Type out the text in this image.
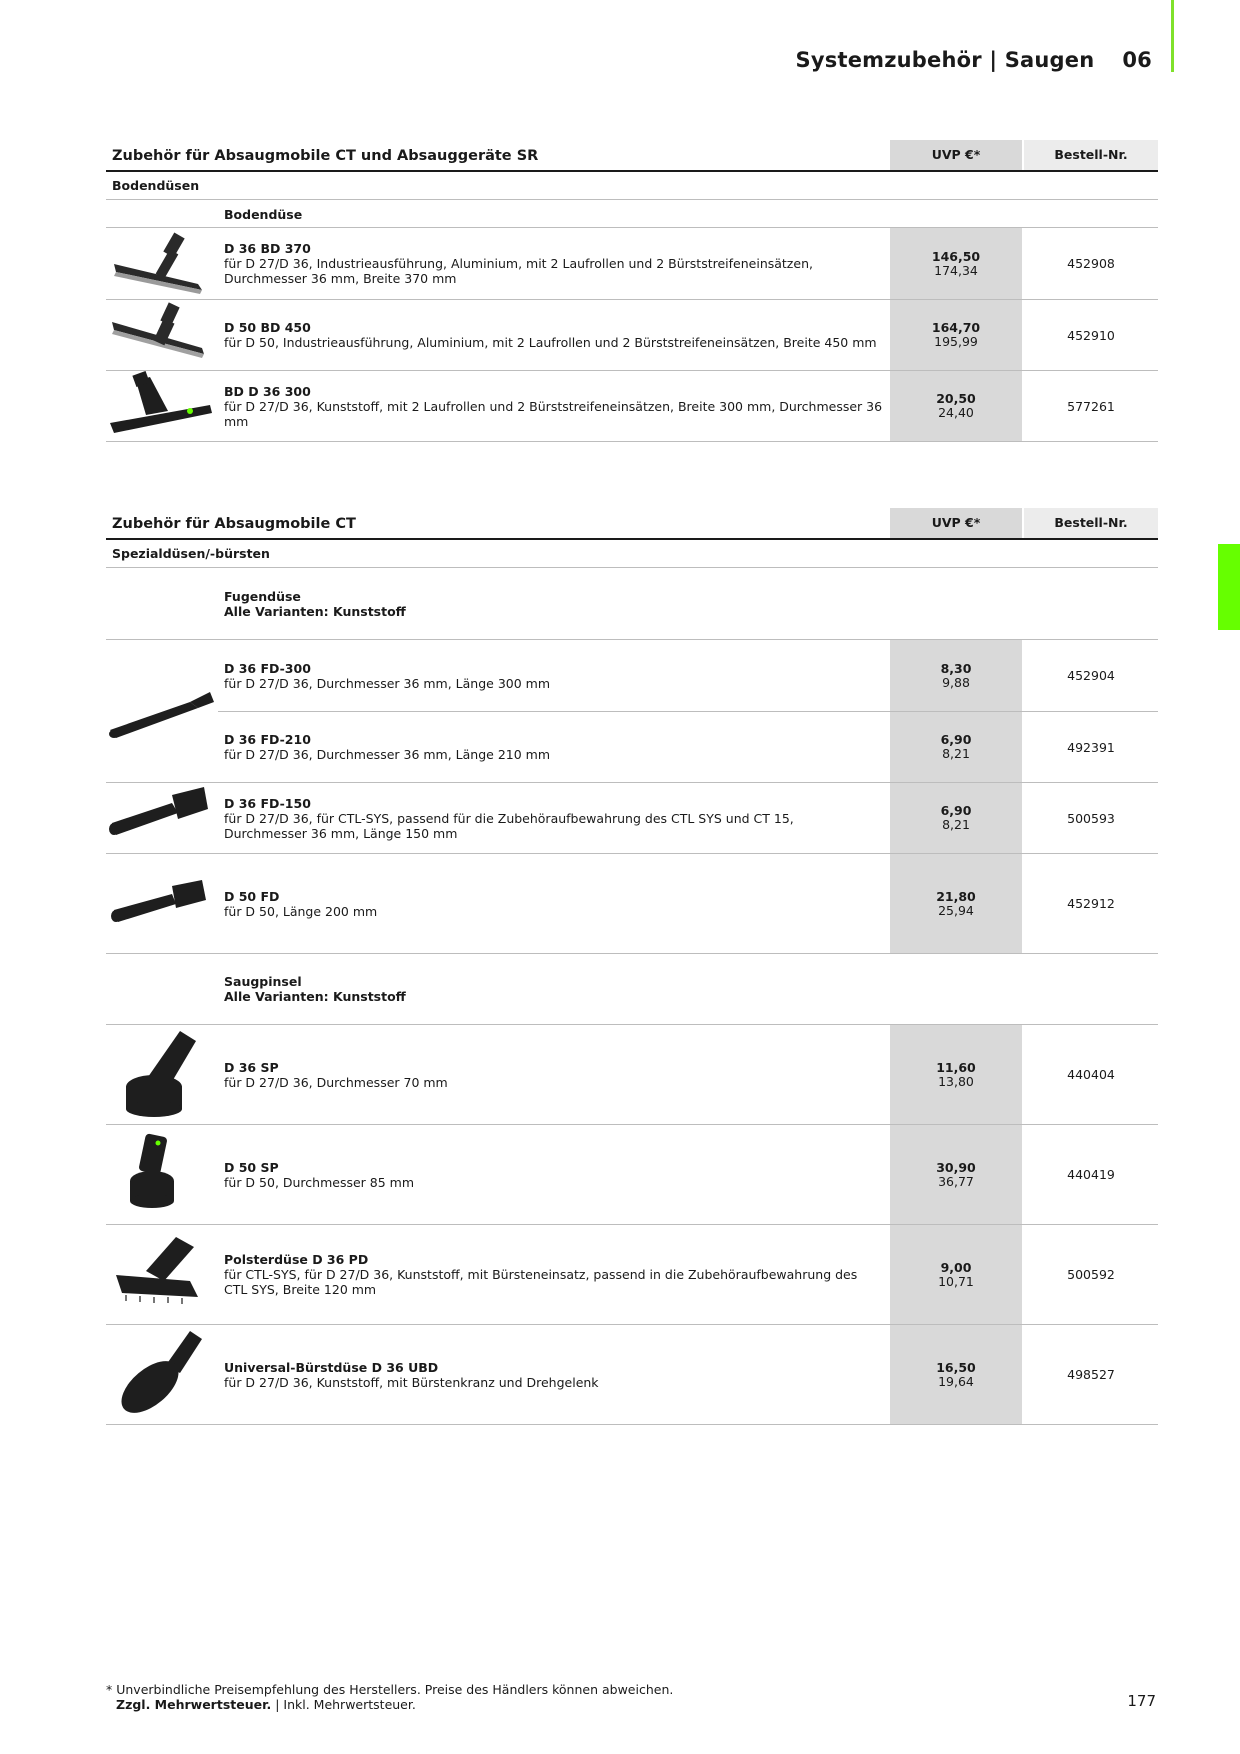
Systemzubehör | Saugen 06
Zubehör für Absaugmobile CT und Absauggeräte SR	UVP €*	Bestell-Nr.
Bodendüsen
Bodendüse
D 36 BD 370
für D 27/D 36, Industrieausführung, Aluminium, mit 2 Laufrollen und 2 Bürststreifeneinsätzen,
Durchmesser 36 mm, Breite 370 mm
146,50
174,34	452908
D 50 BD 450
für D 50, Industrieausführung, Aluminium, mit 2 Laufrollen und 2 Bürststreifeneinsätzen, Breite 450 mm
164,70
195,99	452910
BD D 36 300
für D 27/D 36, Kunststoff, mit 2 Laufrollen und 2 Bürststreifeneinsätzen, Breite 300 mm, Durchmesser 36 mm
20,50
24,40	577261
Zubehör für Absaugmobile CT	UVP €*	Bestell-Nr.
Spezialdüsen/-bürsten
Fugendüse
Alle Varianten: Kunststoff
D 36 FD-300
für D 27/D 36, Durchmesser 36 mm, Länge 300 mm
8,30
9,88	452904
D 36 FD-210
für D 27/D 36, Durchmesser 36 mm, Länge 210 mm
6,90
8,21	492391
D 36 FD-150
für D 27/D 36, für CTL-SYS, passend für die Zubehöraufbewahrung des CTL SYS und CT 15,
Durchmesser 36 mm, Länge 150 mm
6,90
8,21	500593
D 50 FD
für D 50, Länge 200 mm
21,80
25,94	452912
Saugpinsel
Alle Varianten: Kunststoff
D 36 SP
für D 27/D 36, Durchmesser 70 mm
11,60
13,80	440404
D 50 SP
für D 50, Durchmesser 85 mm
30,90
36,77	440419
Polsterdüse D 36 PD
für CTL-SYS, für D 27/D 36, Kunststoff, mit Bürsteneinsatz, passend in die Zubehöraufbewahrung des
CTL SYS, Breite 120 mm
9,00
10,71	500592
Universal-Bürstdüse D 36 UBD
für D 27/D 36, Kunststoff, mit Bürstenkranz und Drehgelenk
16,50
19,64	498527
* Unverbindliche Preisempfehlung des Herstellers. Preise des Händlers können abweichen.
Zzgl. Mehrwertsteuer. | Inkl. Mehrwertsteuer.	177
